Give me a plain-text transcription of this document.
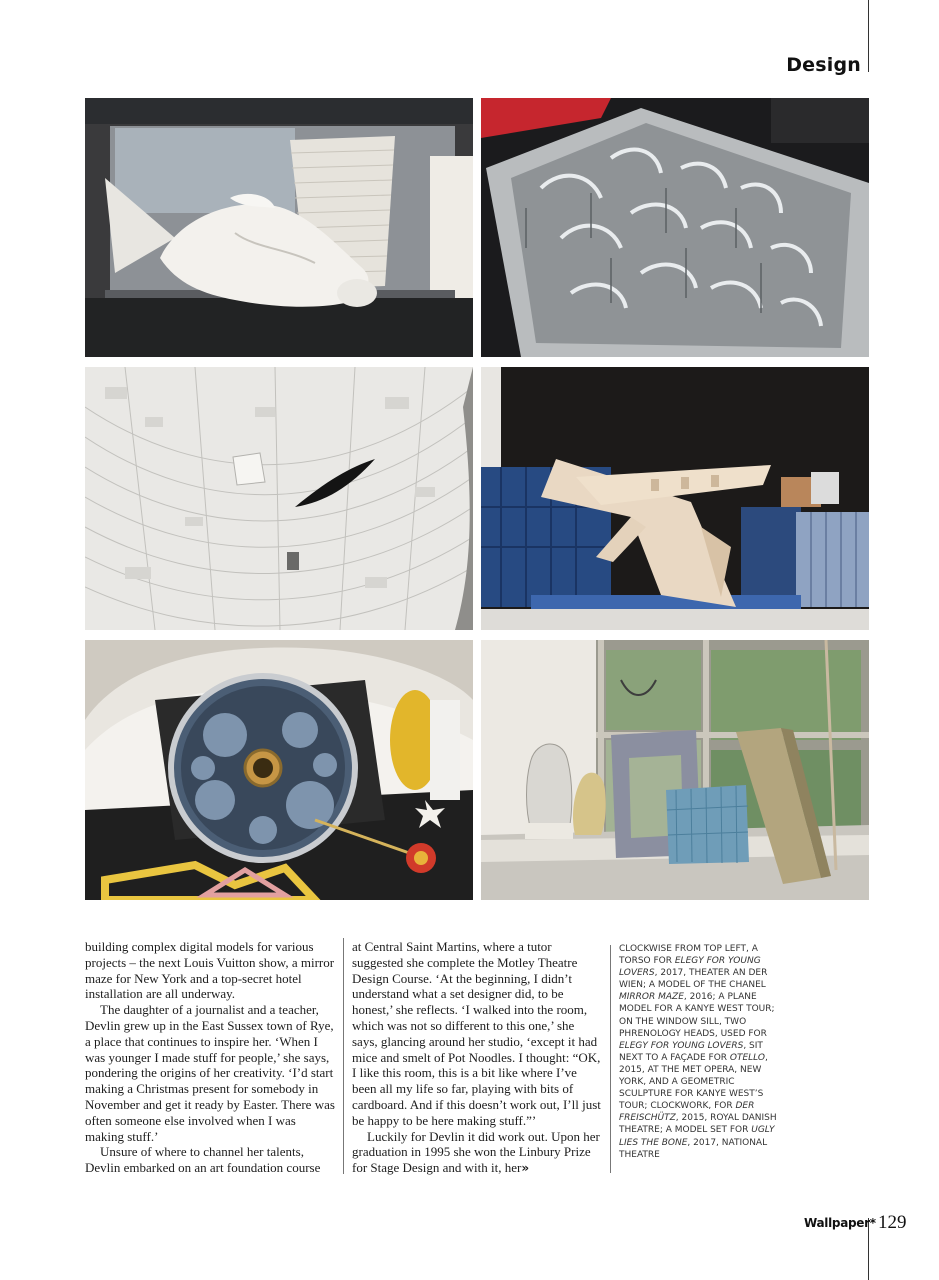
Design

building complex digital models for various projects – the next Louis Vuitton show, a mirror maze for New York and a top-secret hotel installation are all underway.

The daughter of a journalist and a teacher, Devlin grew up in the East Sussex town of Rye, a place that continues to inspire her. ‘When I was younger I made stuff for people,’ she says, pondering the origins of her creativity. ‘I’d start making a Christmas present for somebody in November and get it ready by Easter. There was often someone else involved when I was making stuff.’

Unsure of where to channel her talents, Devlin embarked on an art foundation course

at Central Saint Martins, where a tutor suggested she complete the Motley Theatre Design Course. ‘At the beginning, I didn’t understand what a set designer did, to be honest,’ she reflects. ‘I walked into the room, which was not so different to this one,’ she says, glancing around her studio, ‘except it had mice and smelt of Pot Noodles. I thought: “OK, I like this room, this is a bit like where I’ve been all my life so far, playing with bits of cardboard. And if this doesn’t work out, I’ll just be happy to be here making stuff.”’

Luckily for Devlin it did work out. Upon her graduation in 1995 she won the Linbury Prize for Stage Design and with it, her»

CLOCKWISE FROM TOP LEFT, A TORSO FOR ELEGY FOR YOUNG LOVERS, 2017, THEATER AN DER WIEN; A MODEL OF THE CHANEL MIRROR MAZE, 2016; A PLANE MODEL FOR A KANYE WEST TOUR; ON THE WINDOW SILL, TWO PHRENOLOGY HEADS, USED FOR ELEGY FOR YOUNG LOVERS, SIT NEXT TO A FAÇADE FOR OTELLO, 2015, AT THE MET OPERA, NEW YORK, AND A GEOMETRIC SCULPTURE FOR KANYE WEST’S TOUR; CLOCKWORK, FOR DER FREISCHÜTZ, 2015, ROYAL DANISH THEATRE; A MODEL SET FOR UGLY LIES THE BONE, 2017, NATIONAL THEATRE
Wallpaper* 129
